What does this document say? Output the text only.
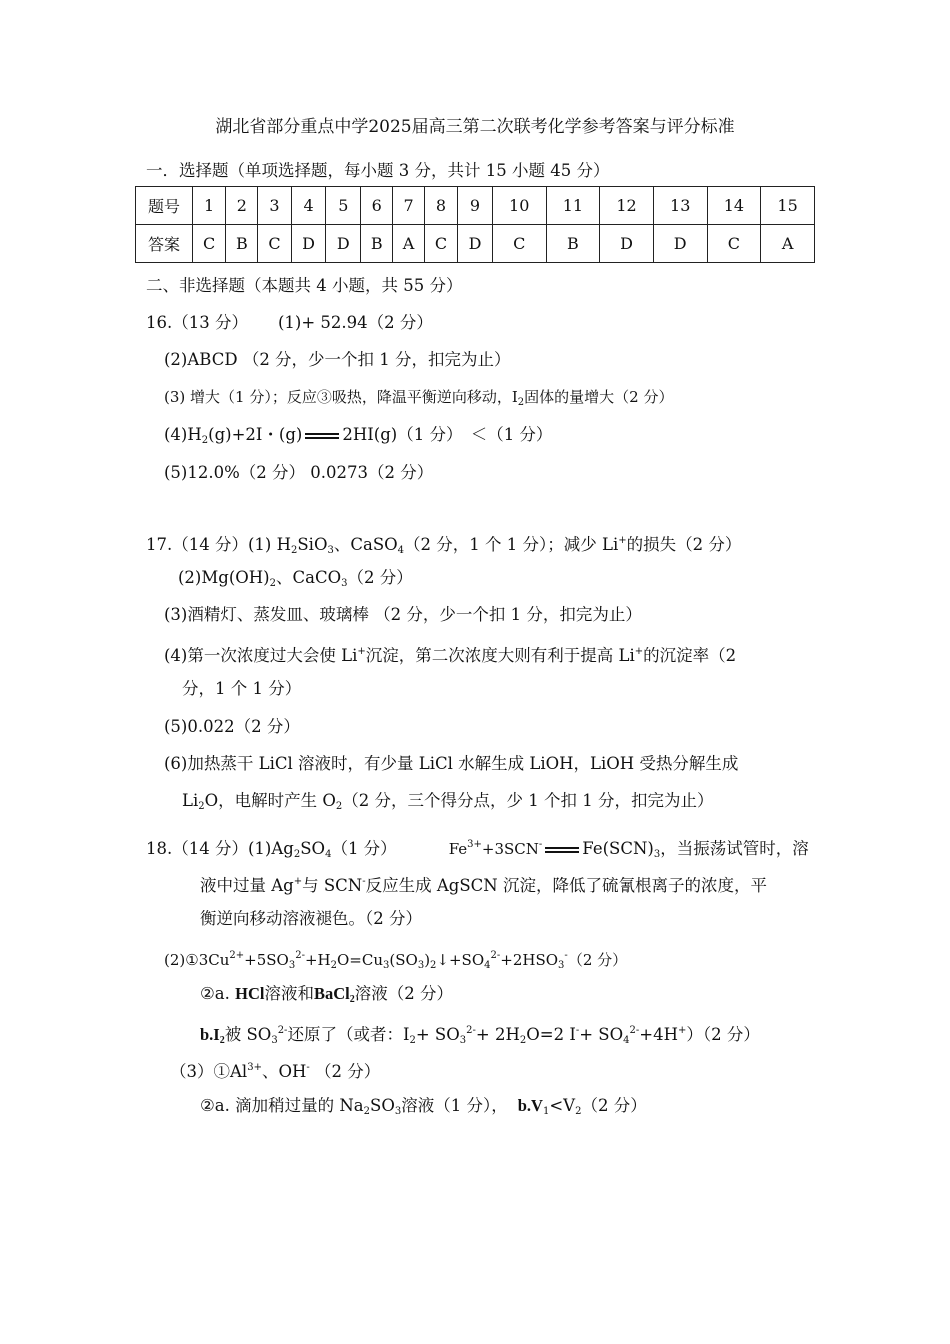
湖北省部分重点中学2025届高三第二次联考化学参考答案与评分标准
一．选择题（单项选择题，每小题 3 分，共计 15 小题 45 分）
题号	1	2	3	4	5	6	7	8	9	10	11	12	13	14	15
答案	C	B	C	D	D	B	A	C	D	C	B	D	D	C	A
二、非选择题（本题共 4 小题，共 55 分）
16.（13 分） (1)+ 52.94（2 分）
(2)ABCD （2 分，少一个扣 1 分，扣完为止）
(3) 增大（1 分）；反应③吸热，降温平衡逆向移动，$I_2$固体的量增大（2 分）
$(4)H_2(g)+2I$・(g) 2HI(g)（1 分）　＜（1 分）
(5)12.0%（2 分） 0.0273（2 分）
17.（14 分）(1) $H_2SiO_3$、CaSO$_4$（2 分，1 个 1 分）；减少 Li+的损失（2 分）
$(2)Mg(OH)_2$、CaCO$_3$（2 分）
(3)酒精灯、蒸发皿、玻璃棒 （2 分，少一个扣 1 分，扣完为止）
(4)第一次浓度过大会使 Li+沉淀，第二次浓度大则有利于提高 Li+的沉淀率（2
分，1 个 1 分）
(5)0.022（2 分）
(6)加热蒸干 LiCl 溶液时，有少量 LiCl 水解生成 LiOH，LiOH 受热分解生成
$Li_2O$，电解时产生 $O_2(2$ 分，三个得分点，少 1 个扣 1 分，扣完为止）
18.（14 分）$(1)Ag_2SO_4(1$ 分）	$Fe^{3+}+3SCN^-$ $Fe(SCN)_3$，当振荡试管时，溶
液中过量 Ag+与 SCN-反应生成 AgSCN 沉淀，降低了硫氰根离子的浓度，平
衡逆向移动溶液褪色。（2 分）
$(2)①3Cu^{2+}+5SO_3^{2-}+H_2O=Cu_3(SO_3)_2↓+SO_4^{2-}+2HSO_3^-(2$ 分）
②a. HCl溶液和BaCl$_2$溶液（2 分）
$b.I_2$被 $SO_3^{2-}$还原了（或者：$I_2+ SO_3^{2-}+ 2H_2O=2$ $I^-+ SO_4^{2-}+4H^+)(2$ 分）
$(3)①Al^{3+}$、OH- （2 分）
②a. 滴加稍过量的 $Na_2SO_3$溶液（1 分）， $b.V_1<V_2(2$ 分）
